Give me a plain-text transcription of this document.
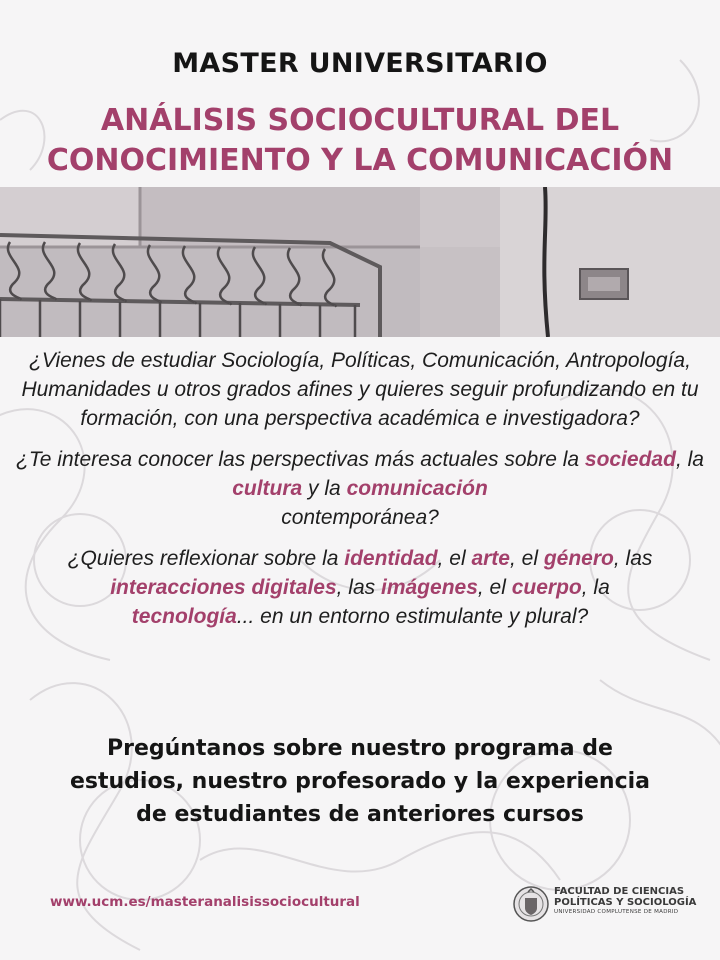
MASTER UNIVERSITARIO
ANÁLISIS SOCIOCULTURAL DEL
CONOCIMIENTO Y LA COMUNICACIÓN

¿Vienes de estudiar Sociología, Políticas, Comunicación, Antropología, Humanidades u otros grados afines y quieres seguir profundizando en tu formación, con una perspectiva académica e investigadora?

¿Te interesa conocer las perspectivas más actuales sobre la sociedad, la cultura y la comunicación
contemporánea?

¿Quieres reflexionar sobre la identidad, el arte, el género, las interacciones digitales, las imágenes, el cuerpo, la
tecnología... en un entorno estimulante y plural?

Pregúntanos sobre nuestro programa de
estudios, nuestro profesorado y la experiencia
de estudiantes de anteriores cursos
www.ucm.es/masteranalisissociocultural
FACULTAD DE CIENCIAS
POLÍTICAS Y SOCIOLOGÍA
UNIVERSIDAD COMPLUTENSE DE MADRID
